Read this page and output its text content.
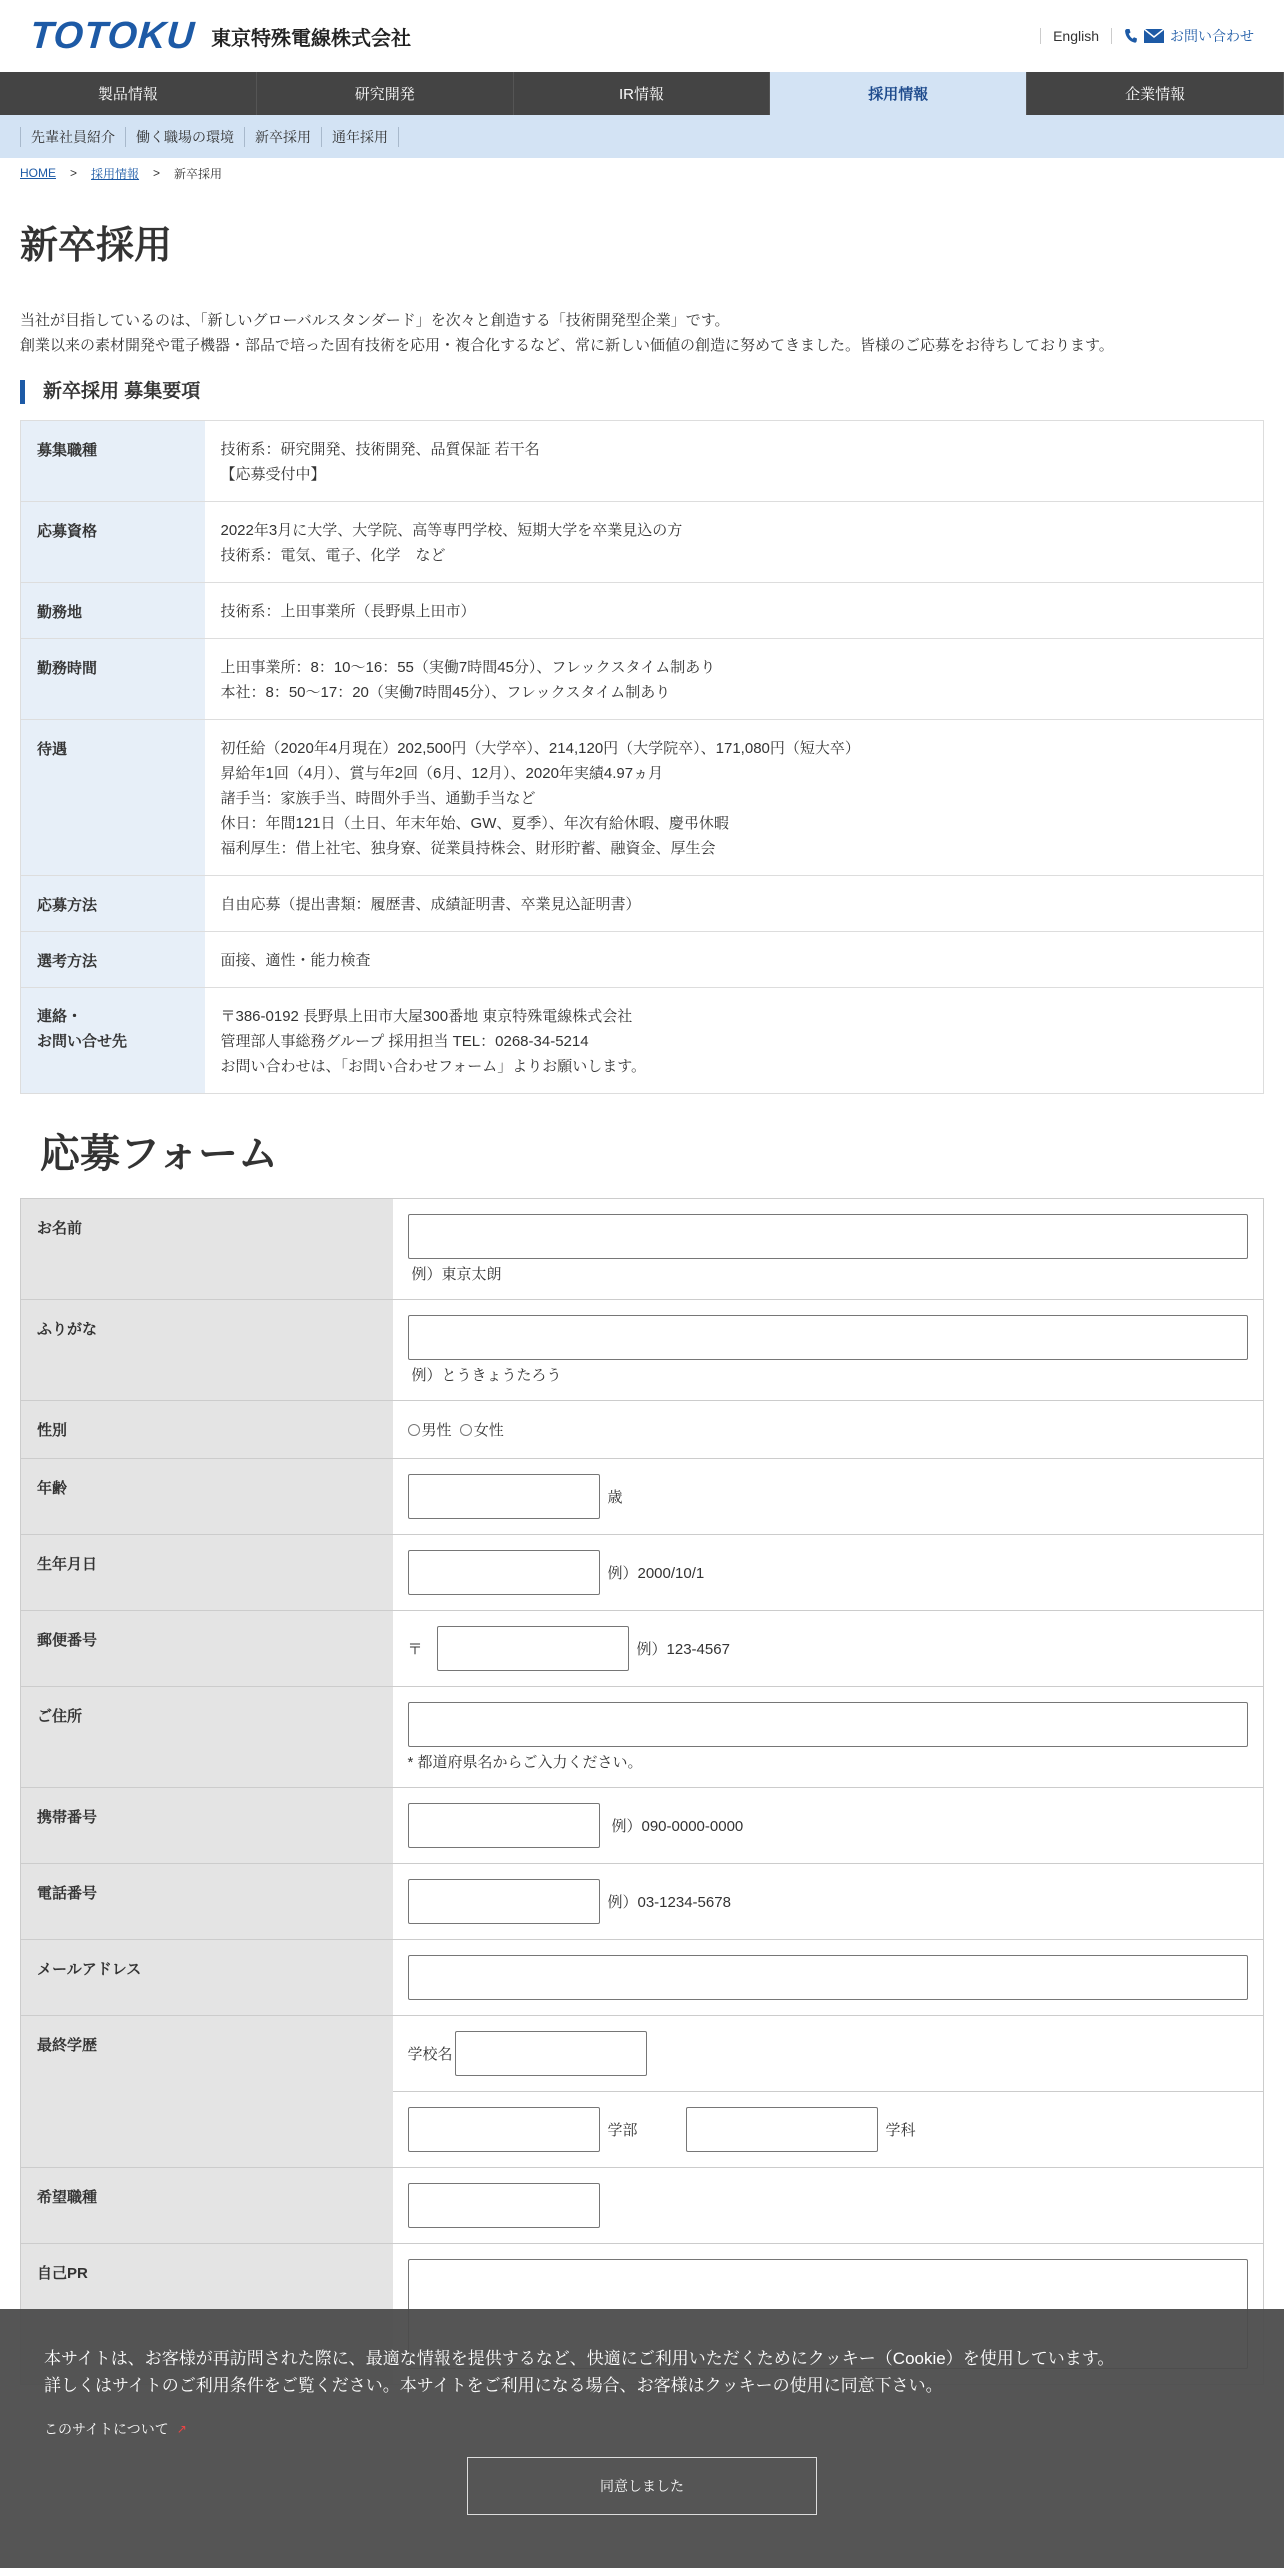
TOTOKU 東京特殊電線株式会社	English	お問い合わせ
製品情報	研究開発	IR情報	採用情報	企業情報
先輩社員紹介	働く職場の環境	新卒採用	通年採用
HOME > 採用情報 > 新卒採用
新卒採用

当社が目指しているのは、「新しいグローバルスタンダード」を次々と創造する「技術開発型企業」です。

創業以来の素材開発や電子機器・部品で培った固有技術を応用・複合化するなど、常に新しい価値の創造に努めてきました。皆様のご応募をお待ちしております。

新卒採用 募集要項
募集職種	技術系：研究開発、技術開発、品質保証 若干名
【応募受付中】

応募資格	2022年3月に大学、大学院、高等専門学校、短期大学を卒業見込の方
技術系：電気、電子、化学　など

勤務地	技術系：上田事業所（長野県上田市）

勤務時間	上田事業所：8：10～16：55（実働7時間45分）、フレックスタイム制あり
本社：8：50～17：20（実働7時間45分）、フレックスタイム制あり

待遇	初任給（2020年4月現在）202,500円（大学卒）、214,120円（大学院卒）、171,080円（短大卒）
昇給年1回（4月）、賞与年2回（6月、12月）、2020年実績4.97ヵ月
諸手当：家族手当、時間外手当、通勤手当など
休日：年間121日（土日、年末年始、GW、夏季）、年次有給休暇、慶弔休暇
福利厚生：借上社宅、独身寮、従業員持株会、財形貯蓄、融資金、厚生会

応募方法	自由応募（提出書類：履歴書、成績証明書、卒業見込証明書）

選考方法	面接、適性・能力検査

連絡・
お問い合せ先	〒386-0192 長野県上田市大屋300番地 東京特殊電線株式会社
管理部人事総務グループ 採用担当 TEL：0268-34-5214
お問い合わせは、「お問い合わせフォーム」よりお願いします。
応募フォーム
お名前	例）東京太朗

ふりがな	例）とうきょうたろう

性別	男性
女性

年齢	歳

生年月日	例）2000/10/1

郵便番号	〒 例）123-4567

ご住所	* 都道府県名からご入力ください。

携帯番号	例）090-0000-0000

電話番号	例）03-1234-5678

メールアドレス	

最終学歴	学校名

	学部 学科

希望職種	
自己PR	

本サイトは、お客様が再訪問された際に、最適な情報を提供するなど、快適にご利用いただくためにクッキー（Cookie）を使用しています。

詳しくはサイトのご利用条件をご覧ください。本サイトをご利用になる場合、お客様はクッキーの使用に同意下さい。

このサイトについて ↗
同意しました
